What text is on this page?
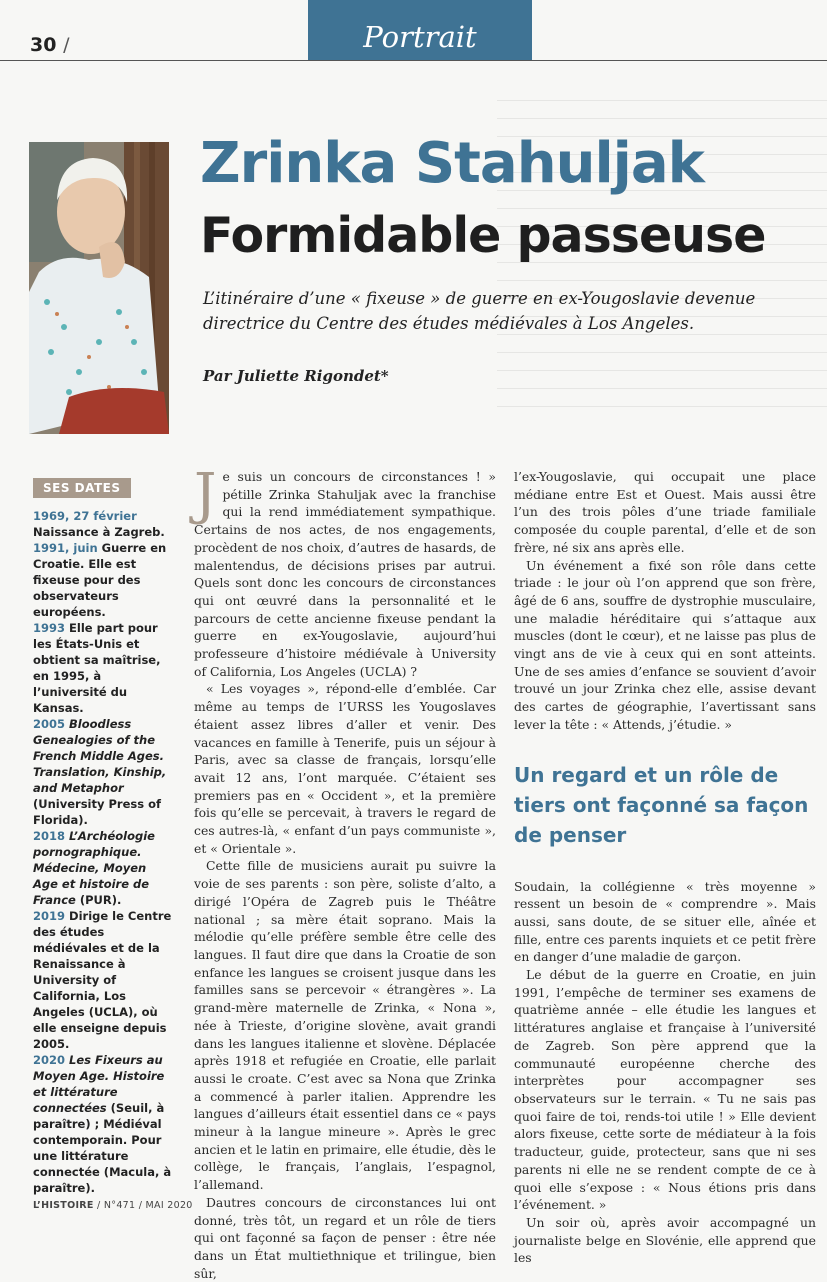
30 /	Portrait
Zrinka Stahuljak
Formidable passeuse
L’itinéraire d’une « fixeuse » de guerre en ex-Yougoslavie devenue directrice du Centre des études médiévales à Los Angeles.
Par Juliette Rigondet*
SES DATES

1969, 27 février Naissance à Zagreb.

1991, juin Guerre en Croatie. Elle est fixeuse pour des observateurs européens.

1993 Elle part pour les États-Unis et obtient sa maîtrise, en 1995, à l’université du Kansas.

2005 Bloodless Genealogies of the French Middle Ages. Translation, Kinship, and Metaphor (University Press of Florida).

2018 L’Archéologie pornographique. Médecine, Moyen Age et histoire de France (PUR).

2019 Dirige le Centre des études médiévales et de la Renaissance à University of California, Los Angeles (UCLA), où elle enseigne depuis 2005.

2020 Les Fixeurs au Moyen Age. Histoire et littérature connectées (Seuil, à paraître) ; Médiéval contemporain. Pour une littérature connectée (Macula, à paraître).

Je suis un concours de circonstances ! » pétille Zrinka Stahuljak avec la franchise qui la rend immédiatement sympathique. Certains de nos actes, de nos engagements, procèdent de nos choix, d’autres de hasards, de malentendus, de décisions prises par autrui. Quels sont donc les concours de circonstances qui ont œuvré dans la personnalité et le parcours de cette ancienne fixeuse pendant la guerre en ex-Yougoslavie, aujourd’hui professeure d’histoire médiévale à University of California, Los Angeles (UCLA) ?

« Les voyages », répond-elle d’emblée. Car même au temps de l’URSS les Yougoslaves étaient assez libres d’aller et venir. Des vacances en famille à Tenerife, puis un séjour à Paris, avec sa classe de français, lorsqu’elle avait 12 ans, l’ont marquée. C’étaient ses premiers pas en « Occident », et la première fois qu’elle se percevait, à travers le regard de ces autres-là, « enfant d’un pays communiste », et « Orientale ».

Cette fille de musiciens aurait pu suivre la voie de ses parents : son père, soliste d’alto, a dirigé l’Opéra de Zagreb puis le Théâtre national ; sa mère était soprano. Mais la mélodie qu’elle préfère semble être celle des langues. Il faut dire que dans la Croatie de son enfance les langues se croisent jusque dans les familles sans se percevoir « étrangères ». La grand-mère maternelle de Zrinka, « Nona », née à Trieste, d’origine slovène, avait grandi dans les langues italienne et slovène. Déplacée après 1918 et refugiée en Croatie, elle parlait aussi le croate. C’est avec sa Nona que Zrinka a commencé à parler italien. Apprendre les langues d’ailleurs était essentiel dans ce « pays mineur à la langue mineure ». Après le grec ancien et le latin en primaire, elle étudie, dès le collège, le français, l’anglais, l’espagnol, l’allemand.

Dautres concours de circonstances lui ont donné, très tôt, un regard et un rôle de tiers qui ont façonné sa façon de penser : être née dans un État multiethnique et trilingue, bien sûr,

l’ex-Yougoslavie, qui occupait une place médiane entre Est et Ouest. Mais aussi être l’un des trois pôles d’une triade familiale composée du couple parental, d’elle et de son frère, né six ans après elle.

Un événement a fixé son rôle dans cette triade : le jour où l’on apprend que son frère, âgé de 6 ans, souffre de dystrophie musculaire, une maladie héréditaire qui s’attaque aux muscles (dont le cœur), et ne laisse pas plus de vingt ans de vie à ceux qui en sont atteints. Une de ses amies d’enfance se souvient d’avoir trouvé un jour Zrinka chez elle, assise devant des cartes de géographie, l’avertissant sans lever la tête : « Attends, j’étudie. »

Un regard et un rôle de tiers ont façonné sa façon de penser

Soudain, la collégienne « très moyenne » ressent un besoin de « comprendre ». Mais aussi, sans doute, de se situer elle, aînée et fille, entre ces parents inquiets et ce petit frère en danger d’une maladie de garçon.

Le début de la guerre en Croatie, en juin 1991, l’empêche de terminer ses examens de quatrième année – elle étudie les langues et littératures anglaise et française à l’université de Zagreb. Son père apprend que la communauté européenne cherche des interprètes pour accompagner ses observateurs sur le terrain. « Tu ne sais pas quoi faire de toi, rends-toi utile ! » Elle devient alors fixeuse, cette sorte de médiateur à la fois traducteur, guide, protecteur, sans que ni ses parents ni elle ne se rendent compte de ce à quoi elle s’expose : « Nous étions pris dans l’événement. »

Un soir où, après avoir accompagné un journaliste belge en Slovénie, elle apprend que les

L’HISTOIRE / N°471 / MAI 2020
